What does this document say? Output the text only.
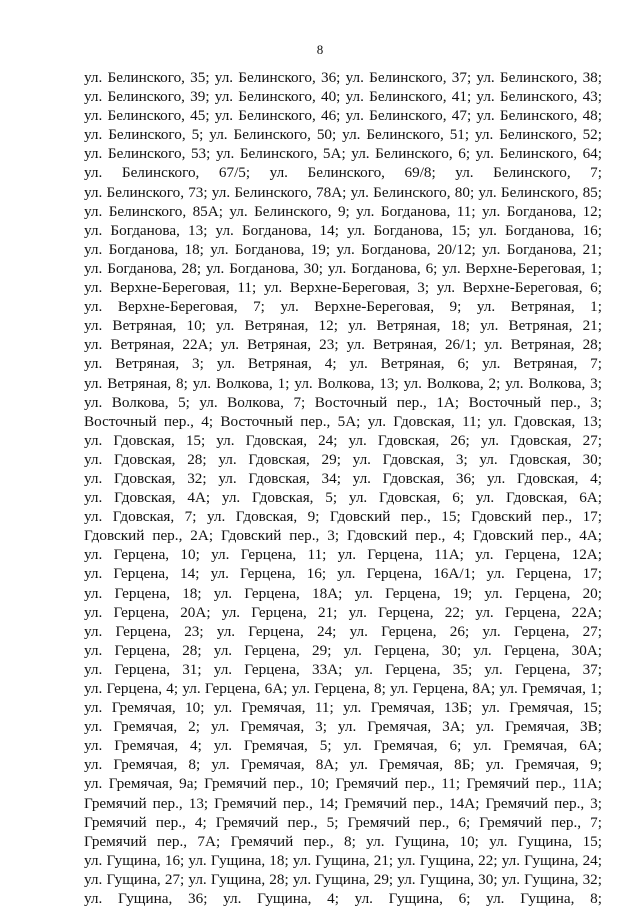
8
ул. Белинского, 35; ул. Белинского, 36; ул. Белинского, 37; ул. Белинского, 38;
ул. Белинского, 39; ул. Белинского, 40; ул. Белинского, 41; ул. Белинского, 43;
ул. Белинского, 45; ул. Белинского, 46; ул. Белинского, 47; ул. Белинского, 48;
ул. Белинского, 5; ул. Белинского, 50; ул. Белинского, 51; ул. Белинского, 52;
ул. Белинского, 53; ул. Белинского, 5А; ул. Белинского, 6; ул. Белинского, 64;
ул. Белинского, 67/5; ул. Белинского, 69/8; ул. Белинского, 7;
ул. Белинского, 73; ул. Белинского, 78А; ул. Белинского, 80; ул. Белинского, 85;
ул. Белинского, 85А; ул. Белинского, 9; ул. Богданова, 11; ул. Богданова, 12;
ул. Богданова, 13; ул. Богданова, 14; ул. Богданова, 15; ул. Богданова, 16;
ул. Богданова, 18; ул. Богданова, 19; ул. Богданова, 20/12; ул. Богданова, 21;
ул. Богданова, 28; ул. Богданова, 30; ул. Богданова, 6; ул. Верхне-Береговая, 1;
ул. Верхне-Береговая, 11; ул. Верхне-Береговая, 3; ул. Верхне-Береговая, 6;
ул. Верхне-Береговая, 7; ул. Верхне-Береговая, 9; ул. Ветряная, 1;
ул. Ветряная, 10; ул. Ветряная, 12; ул. Ветряная, 18; ул. Ветряная, 21;
ул. Ветряная, 22А; ул. Ветряная, 23; ул. Ветряная, 26/1; ул. Ветряная, 28;
ул. Ветряная, 3; ул. Ветряная, 4; ул. Ветряная, 6; ул. Ветряная, 7;
ул. Ветряная, 8; ул. Волкова, 1; ул. Волкова, 13; ул. Волкова, 2; ул. Волкова, 3;
ул. Волкова, 5; ул. Волкова, 7; Восточный пер., 1А; Восточный пер., 3;
Восточный пер., 4; Восточный пер., 5А; ул. Гдовская, 11; ул. Гдовская, 13;
ул. Гдовская, 15; ул. Гдовская, 24; ул. Гдовская, 26; ул. Гдовская, 27;
ул. Гдовская, 28; ул. Гдовская, 29; ул. Гдовская, 3; ул. Гдовская, 30;
ул. Гдовская, 32; ул. Гдовская, 34; ул. Гдовская, 36; ул. Гдовская, 4;
ул. Гдовская, 4А; ул. Гдовская, 5; ул. Гдовская, 6; ул. Гдовская, 6А;
ул. Гдовская, 7; ул. Гдовская, 9; Гдовский пер., 15; Гдовский пер., 17;
Гдовский пер., 2А; Гдовский пер., 3; Гдовский пер., 4; Гдовский пер., 4А;
ул. Герцена, 10; ул. Герцена, 11; ул. Герцена, 11А; ул. Герцена, 12А;
ул. Герцена, 14; ул. Герцена, 16; ул. Герцена, 16А/1; ул. Герцена, 17;
ул. Герцена, 18; ул. Герцена, 18А; ул. Герцена, 19; ул. Герцена, 20;
ул. Герцена, 20А; ул. Герцена, 21; ул. Герцена, 22; ул. Герцена, 22А;
ул. Герцена, 23; ул. Герцена, 24; ул. Герцена, 26; ул. Герцена, 27;
ул. Герцена, 28; ул. Герцена, 29; ул. Герцена, 30; ул. Герцена, 30А;
ул. Герцена, 31; ул. Герцена, 33А; ул. Герцена, 35; ул. Герцена, 37;
ул. Герцена, 4; ул. Герцена, 6А; ул. Герцена, 8; ул. Герцена, 8А; ул. Гремячая, 1;
ул. Гремячая, 10; ул. Гремячая, 11; ул. Гремячая, 13Б; ул. Гремячая, 15;
ул. Гремячая, 2; ул. Гремячая, 3; ул. Гремячая, 3А; ул. Гремячая, 3В;
ул. Гремячая, 4; ул. Гремячая, 5; ул. Гремячая, 6; ул. Гремячая, 6А;
ул. Гремячая, 8; ул. Гремячая, 8А; ул. Гремячая, 8Б; ул. Гремячая, 9;
ул. Гремячая, 9а; Гремячий пер., 10; Гремячий пер., 11; Гремячий пер., 11А;
Гремячий пер., 13; Гремячий пер., 14; Гремячий пер., 14А; Гремячий пер., 3;
Гремячий пер., 4; Гремячий пер., 5; Гремячий пер., 6; Гремячий пер., 7;
Гремячий пер., 7А; Гремячий пер., 8; ул. Гущина, 10; ул. Гущина, 15;
ул. Гущина, 16; ул. Гущина, 18; ул. Гущина, 21; ул. Гущина, 22; ул. Гущина, 24;
ул. Гущина, 27; ул. Гущина, 28; ул. Гущина, 29; ул. Гущина, 30; ул. Гущина, 32;
ул. Гущина, 36; ул. Гущина, 4; ул. Гущина, 6; ул. Гущина, 8;
